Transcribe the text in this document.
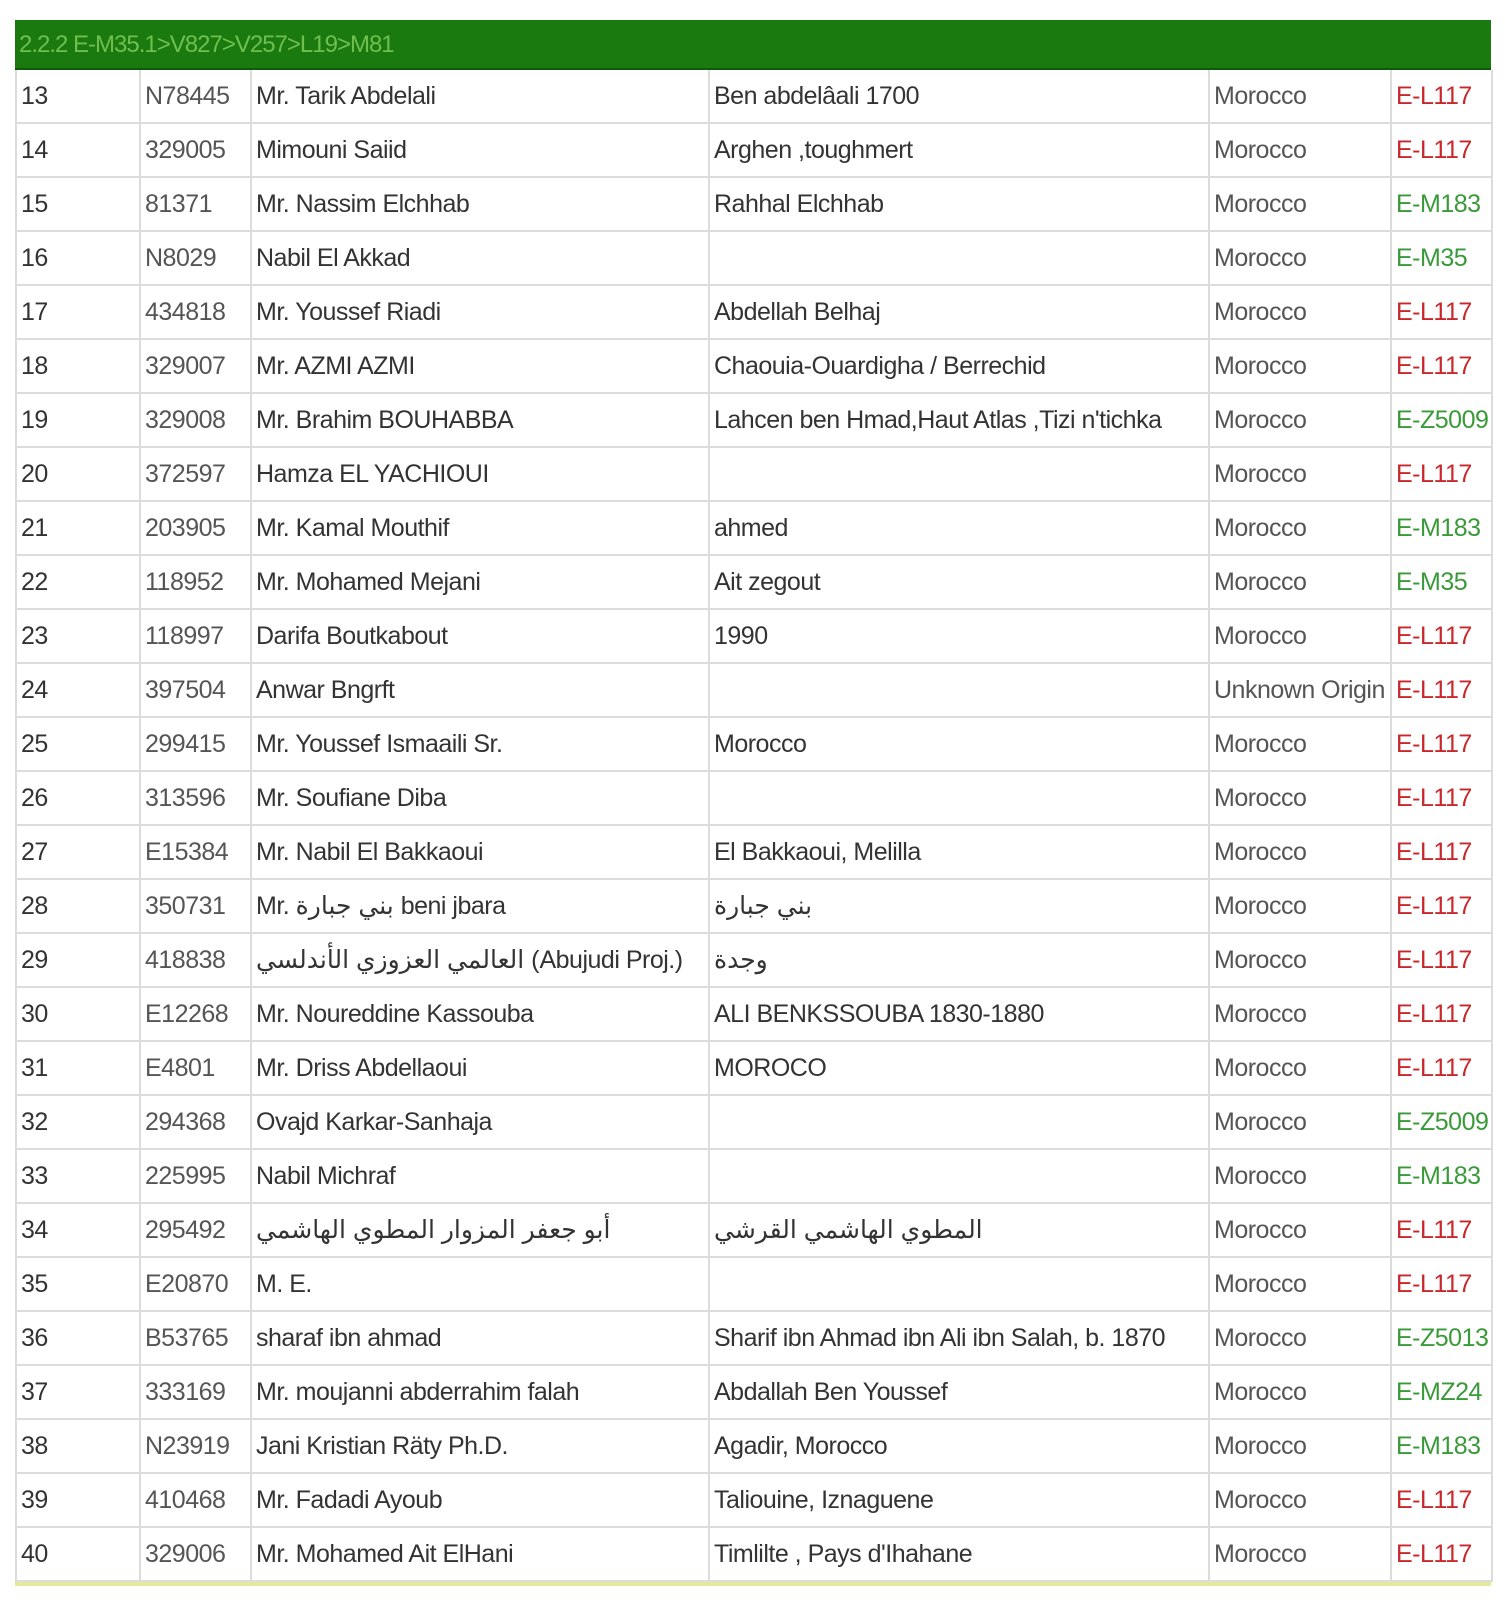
2.2.2 E-M35.1>V827>V257>L19>M81
13	N78445	Mr. Tarik Abdelali	Ben abdelâali 1700	Morocco	E-L117
14	329005	Mimouni Saiid	Arghen ,toughmert	Morocco	E-L117
15	81371	Mr. Nassim Elchhab	Rahhal Elchhab	Morocco	E-M183
16	N8029	Nabil El Akkad		Morocco	E-M35
17	434818	Mr. Youssef Riadi	Abdellah Belhaj	Morocco	E-L117
18	329007	Mr. AZMI AZMI	Chaouia-Ouardigha / Berrechid	Morocco	E-L117
19	329008	Mr. Brahim BOUHABBA	Lahcen ben Hmad,Haut Atlas ,Tizi n'tichka	Morocco	E-Z5009
20	372597	Hamza EL YACHIOUI		Morocco	E-L117
21	203905	Mr. Kamal Mouthif	ahmed	Morocco	E-M183
22	118952	Mr. Mohamed Mejani	Ait zegout	Morocco	E-M35
23	118997	Darifa Boutkabout	1990	Morocco	E-L117
24	397504	Anwar Bngrft		Unknown Origin	E-L117
25	299415	Mr. Youssef Ismaaili Sr.	Morocco	Morocco	E-L117
26	313596	Mr. Soufiane Diba		Morocco	E-L117
27	E15384	Mr. Nabil El Bakkaoui	El Bakkaoui, Melilla	Morocco	E-L117
28	350731	Mr. بني جبارة beni jbara	بني جبارة	Morocco	E-L117
29	418838	العالمي العزوزي الأندلسي (Abujudi Proj.)	وجدة	Morocco	E-L117
30	E12268	Mr. Noureddine Kassouba	ALI BENKSSOUBA 1830-1880	Morocco	E-L117
31	E4801	Mr. Driss Abdellaoui	MOROCO	Morocco	E-L117
32	294368	Ovajd Karkar-Sanhaja		Morocco	E-Z5009
33	225995	Nabil Michraf		Morocco	E-M183
34	295492	أبو جعفر المزوار المطوي الهاشمي	المطوي الهاشمي القرشي	Morocco	E-L117
35	E20870	M. E.		Morocco	E-L117
36	B53765	sharaf ibn ahmad	Sharif ibn Ahmad ibn Ali ibn Salah, b. 1870	Morocco	E-Z5013
37	333169	Mr. moujanni abderrahim falah	Abdallah Ben Youssef	Morocco	E-MZ24
38	N23919	Jani Kristian Räty Ph.D.	Agadir, Morocco	Morocco	E-M183
39	410468	Mr. Fadadi Ayoub	Taliouine, Iznaguene	Morocco	E-L117
40	329006	Mr. Mohamed Ait ElHani	Timlilte , Pays d'Ihahane	Morocco	E-L117
